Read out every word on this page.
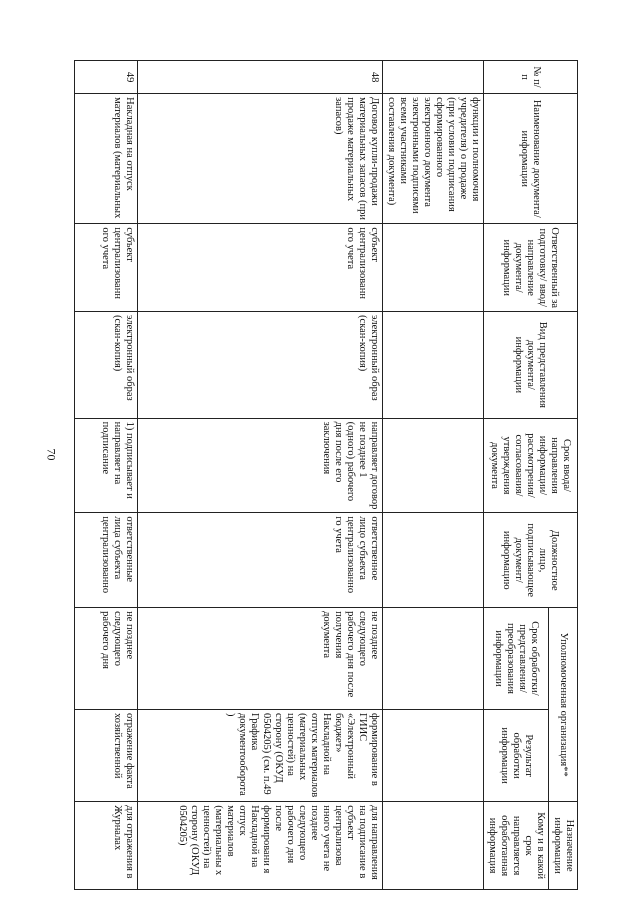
70
№ п/п	Наименование документа/информации	Ответственный за подготовку/ ввод/ направление документа/ информации	Вид представления документа/ информации	Срок ввода/ направления информации/ рассмотрения/ согласования/ утверждения документа	Должностное лицо, подписывающее документ/ информацию	Уполномоченная организация**		Назначение информации
						Срок обработки/ представления/ преобразования информации	Результат обработки информации	Кому и в какой срок направляется обработанная информация
	функции и полномочия учредителя) о продаже (при условии подписания сформированного электронного документа электронными подписями всеми участниками составления документа)							
48	Договор купли-продажи материальных запасов (при продаже материальных запасов)	субъект централизованн ого учета	электронный образ (скан-копия)	направляет договор не позднее 1 (одного) рабочего дня после его заключения	ответственное лицо субъекта централизованно го учета	не позднее следующего рабочего дня после получения документа	формирование в ГИИС «Электронный бюджет» Накладной на отпуск материалов (материальных ценностей) на сторону (ОКУД 0504205) (см. п.49 Графика документооборота)	для направления на подписание в субъект централизова нного учета не позднее следующего рабочего дня после формировани я Накладной на отпуск материалов (материальны х ценностей) на сторону (ОКУД 0504205)
49	Накладная на отпуск материалов (материальных	субъект централизованн ого учета	электронный образ (скан-копия)	1) подписывает и направляет на подписание	ответственные лица субъекта централизованно	не позднее следующего рабочего дня	отражение факта хозяйственной	для отражения в Журналах
